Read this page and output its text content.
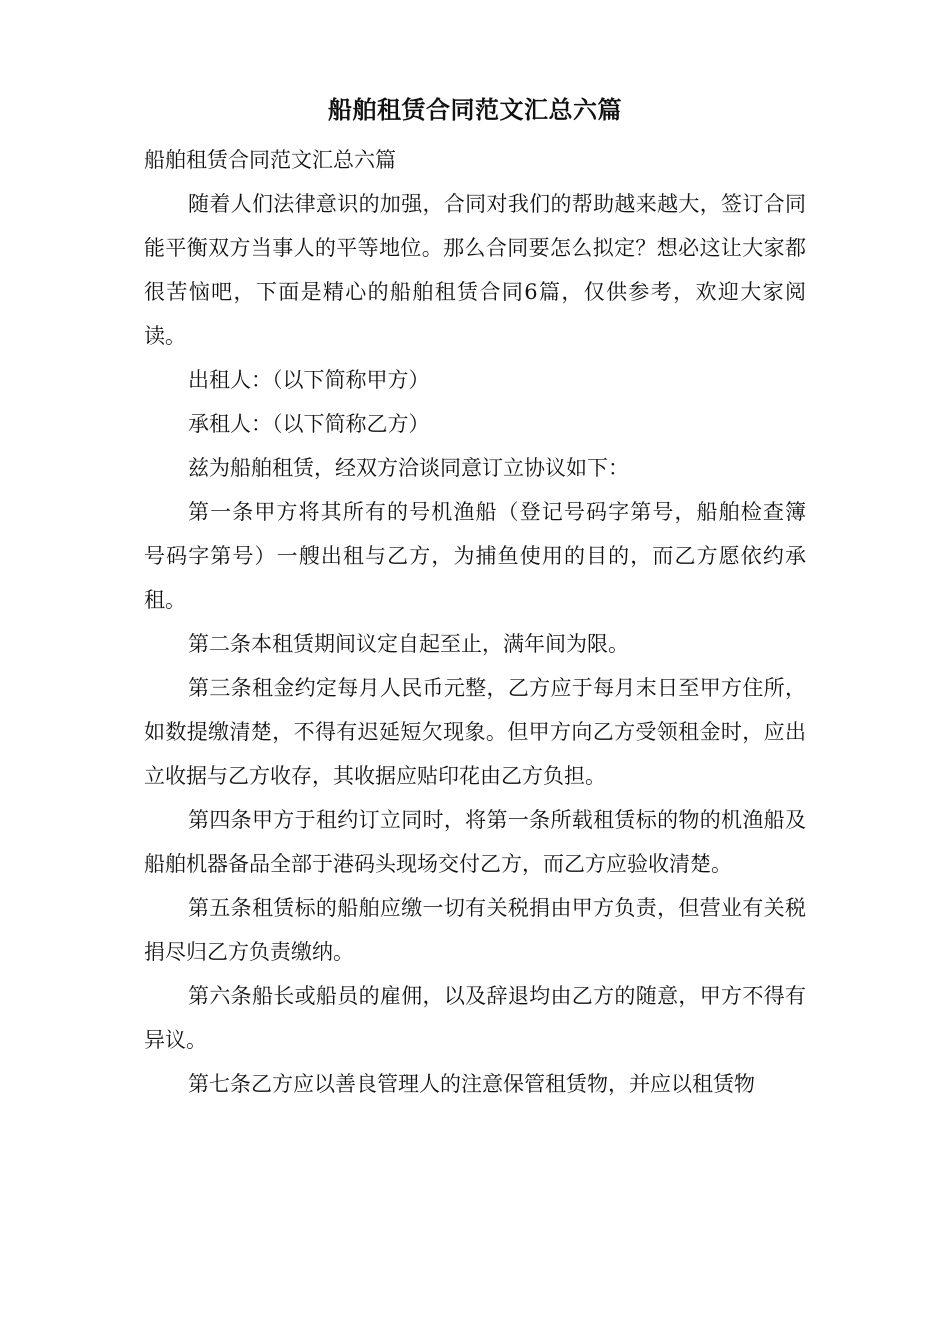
船舶租赁合同范文汇总六篇

船舶租赁合同范文汇总六篇

随着人们法律意识的加强，合同对我们的帮助越来越大，签订合同能平衡双方当事人的平等地位。那么合同要怎么拟定？想必这让大家都很苦恼吧，下面是精心的船舶租赁合同6篇，仅供参考，欢迎大家阅读。

出租人：（以下简称甲方）

承租人：（以下简称乙方）

兹为船舶租赁，经双方洽谈同意订立协议如下：

第一条甲方将其所有的号机渔船（登记号码字第号，船舶检查簿　号码字第号）一艘出租与乙方，为捕鱼使用的目的，而乙方愿依约承　租。

第二条本租赁期间议定自起至止，满年间为限。

第三条租金约定每月人民币元整，乙方应于每月末日至甲方住所，如数提缴清楚，不得有迟延短欠现象。但甲方向乙方受领租金时，应出立收据与乙方收存，其收据应贴印花由乙方负担。

第四条甲方于租约订立同时，将第一条所载租赁标的物的机渔船及船舶机器备品全部于港码头现场交付乙方，而乙方应验收清楚。

第五条租赁标的船舶应缴一切有关税捐由甲方负责，但营业有关税捐尽归乙方负责缴纳。

第六条船长或船员的雇佣，以及辞退均由乙方的随意，甲方不得有异议。

第七条乙方应以善良管理人的注意保管租赁物，并应以租赁物
